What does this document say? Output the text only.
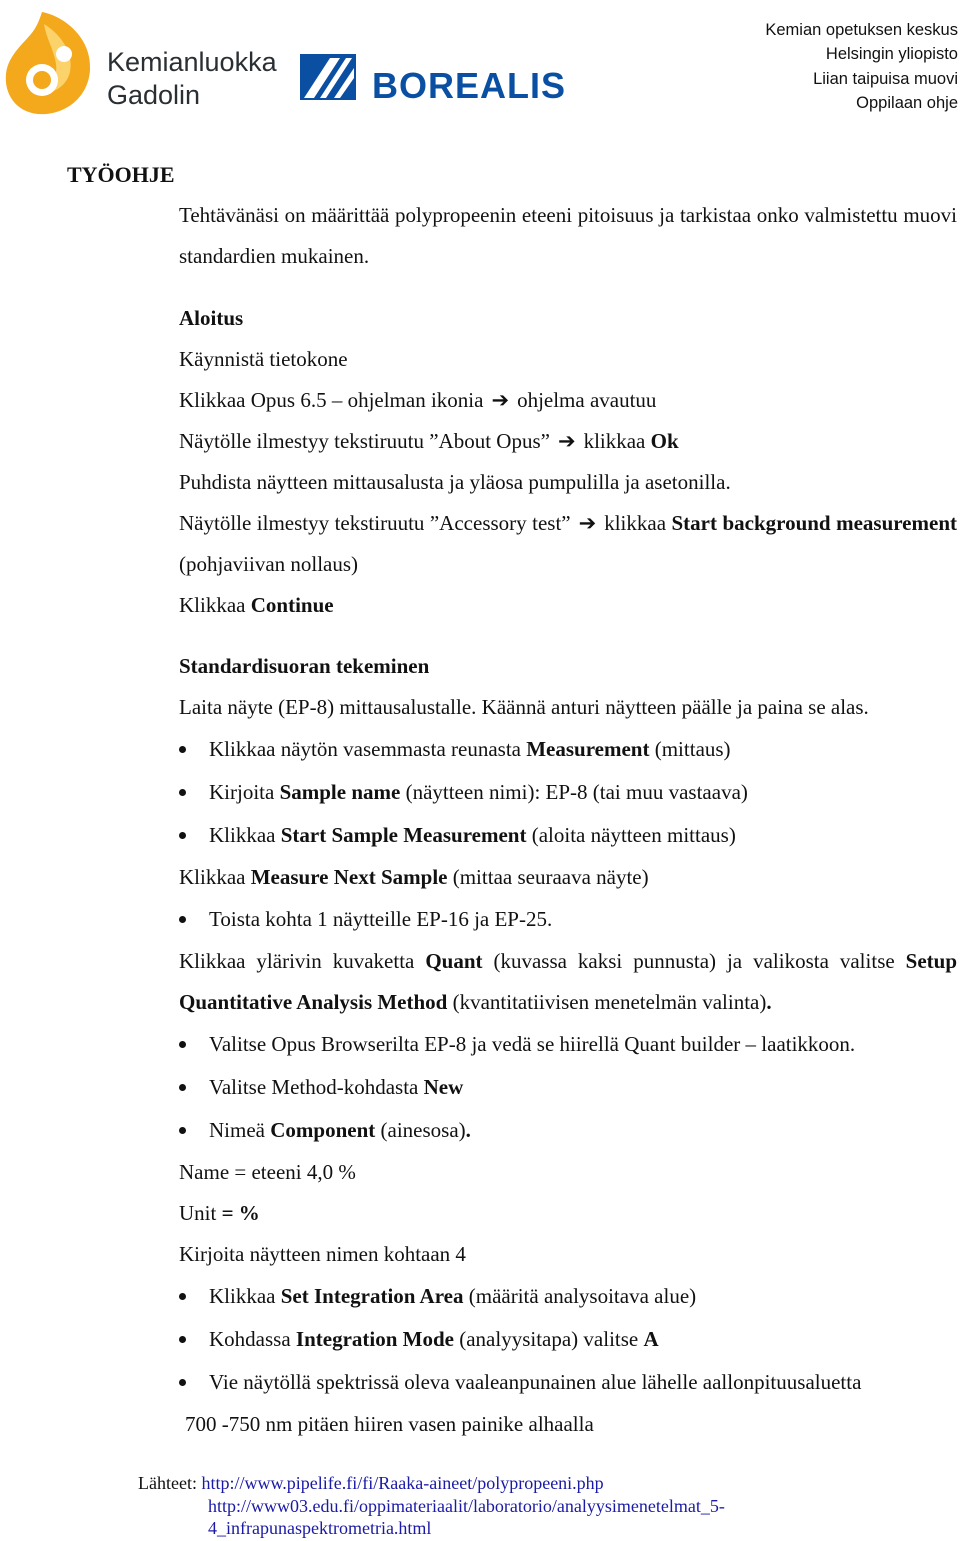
Kemianluokka
Gadolin	BOREALIS
Kemian opetuksen keskus
Helsingin yliopisto
Liian taipuisa muovi
Oppilaan ohje
TYÖOHJE
Tehtävänäsi on määrittää polypropeenin eteeni pitoisuus ja tarkistaa onko valmistettu muovi standardien mukainen.
Aloitus
Käynnistä tietokone
Klikkaa Opus 6.5 – ohjelman ikonia ➔ ohjelma avautuu
Näytölle ilmestyy tekstiruutu ”About Opus” ➔ klikkaa Ok
Puhdista näytteen mittausalusta ja yläosa pumpulilla ja asetonilla.
Näytölle ilmestyy tekstiruutu ”Accessory test” ➔ klikkaa Start background measurement (pohjaviivan nollaus)
Klikkaa Continue
Standardisuoran tekeminen
Laita näyte (EP-8) mittausalustalle. Käännä anturi näytteen päälle ja paina se alas.
Klikkaa näytön vasemmasta reunasta Measurement (mittaus)
Kirjoita Sample name (näytteen nimi): EP-8 (tai muu vastaava)
Klikkaa Start Sample Measurement (aloita näytteen mittaus)
Klikkaa Measure Next Sample (mittaa seuraava näyte)
Toista kohta 1 näytteille EP-16 ja EP-25.
Klikkaa ylärivin kuvaketta Quant (kuvassa kaksi punnusta) ja valikosta valitse Setup Quantitative Analysis Method (kvantitatiivisen menetelmän valinta).
Valitse Opus Browserilta EP-8 ja vedä se hiirellä Quant builder – laatikkoon.
Valitse Method-kohdasta New
Nimeä Component (ainesosa).
Name = eteeni 4,0 %
Unit = %
Kirjoita näytteen nimen kohtaan 4
Klikkaa Set Integration Area (määritä analysoitava alue)
Kohdassa Integration Mode (analyysitapa) valitse A
Vie näytöllä spektrissä oleva vaaleanpunainen alue lähelle aallonpituusaluetta
700 -750 nm pitäen hiiren vasen painike alhaalla
Lähteet: http://www.pipelife.fi/fi/Raaka-aineet/polypropeeni.php
http://www03.edu.fi/oppimateriaalit/laboratorio/analyysimenetelmat_5-
4_infrapunaspektrometria.html
